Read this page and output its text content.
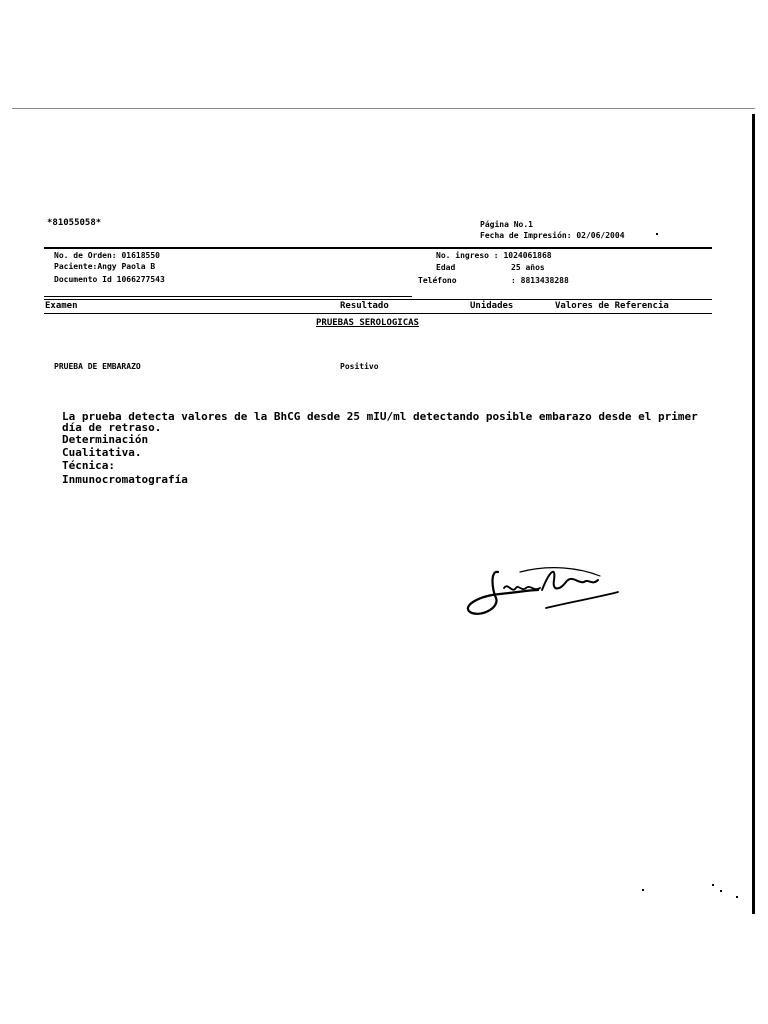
*81055058*	Página No.1
Fecha de Impresión: 02/06/2004
No. de Orden: 01618550
Paciente:Angy Paola B
Documento Id 1066277543
No. ingreso : 1024061868
Edad	25 años
Teléfono	: 8813438288
Examen	Resultado	Unidades	Valores de Referencia
PRUEBAS SEROLOGICAS
PRUEBA DE EMBARAZO	Positivo
La prueba detecta valores de la BhCG desde 25 mIU/ml detectando posible embarazo desde el primer día de retraso.
Determinación
Cualitativa.
Técnica:
Inmunocromatografía
